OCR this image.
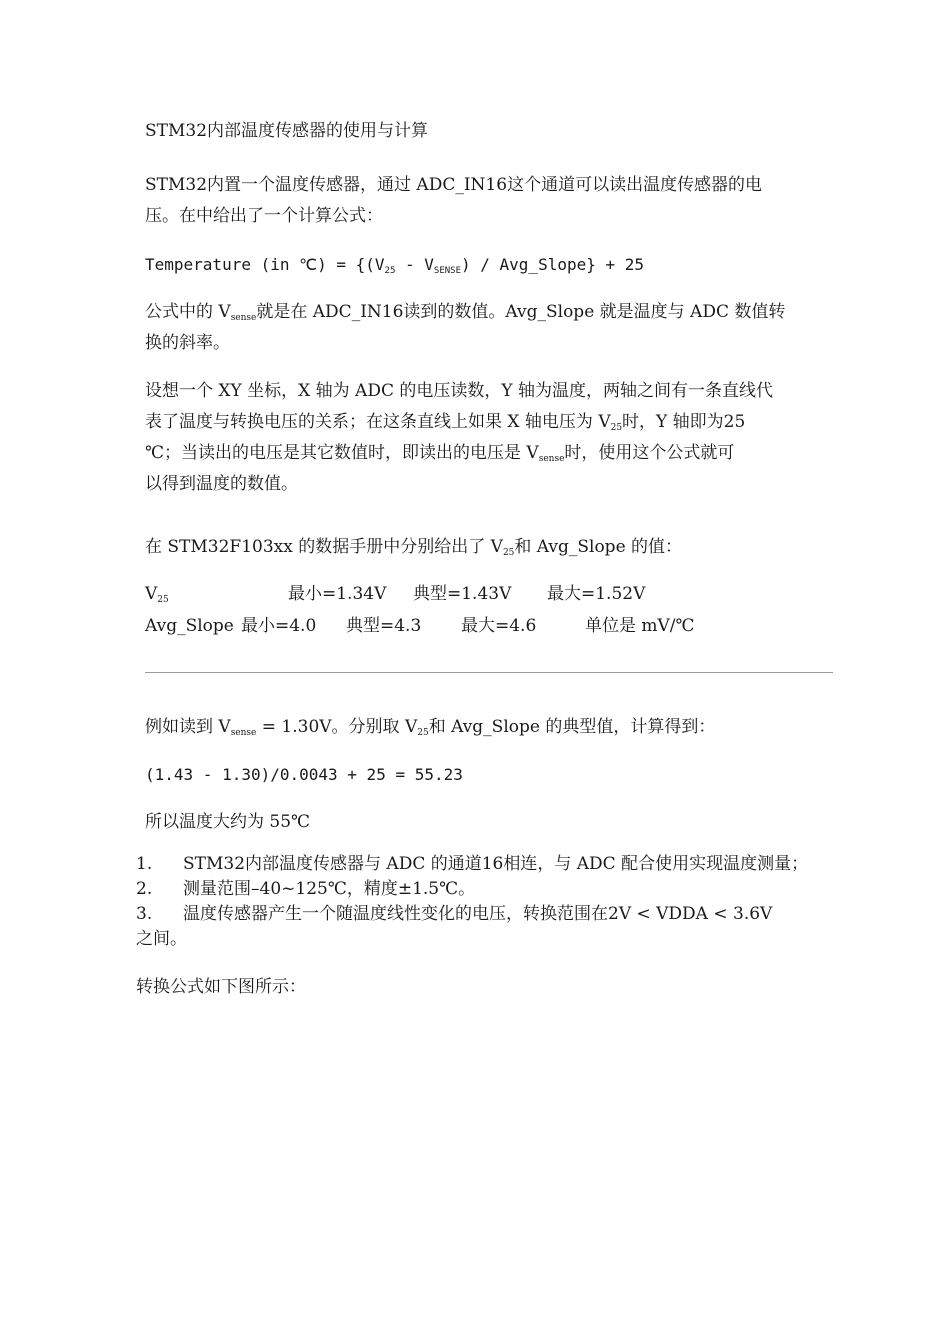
STM32内部温度传感器的使用与计算
STM32内置一个温度传感器，通过 ADC_IN16这个通道可以读出温度传感器的电
压。在中给出了一个计算公式：
Temperature (in ℃) = {$(V_{25} - V_{SENSE})$ / Avg_Slope} + 25
公式中的 $V_{sense}$就是在 ADC_IN16读到的数值。Avg_Slope 就是温度与 ADC 数值转
换的斜率。
设想一个 XY 坐标，X 轴为 ADC 的电压读数，Y 轴为温度，两轴之间有一条直线代
表了温度与转换电压的关系；在这条直线上如果 X 轴电压为 $V_{25}$时，Y 轴即为25
℃；当读出的电压是其它数值时，即读出的电压是 $V_{sense}$时，使用这个公式就可
以得到温度的数值。
在 STM32F103xx 的数据手册中分别给出了 $V_{25}$和 Avg_Slope 的值：
$V_{25}$	最小=1.34V 典型=1.43V 最大=1.52V
Avg_Slope 最小=4.0 典型=4.3 最大=4.6	单位是 mV/℃
例如读到 $V_{sense} = 1.30V$。分别取 $V_{25}$和 Avg_Slope 的典型值，计算得到：
(1.43 - 1.30)/0.0043 + 25 = 55.23
所以温度大约为 55℃
1. STM32内部温度传感器与 ADC 的通道16相连，与 ADC 配合使用实现温度测量；
2. 测量范围–40~125℃，精度±1.5℃。
3. 温度传感器产生一个随温度线性变化的电压，转换范围在2V < VDDA < 3.6V
之间。
转换公式如下图所示：
